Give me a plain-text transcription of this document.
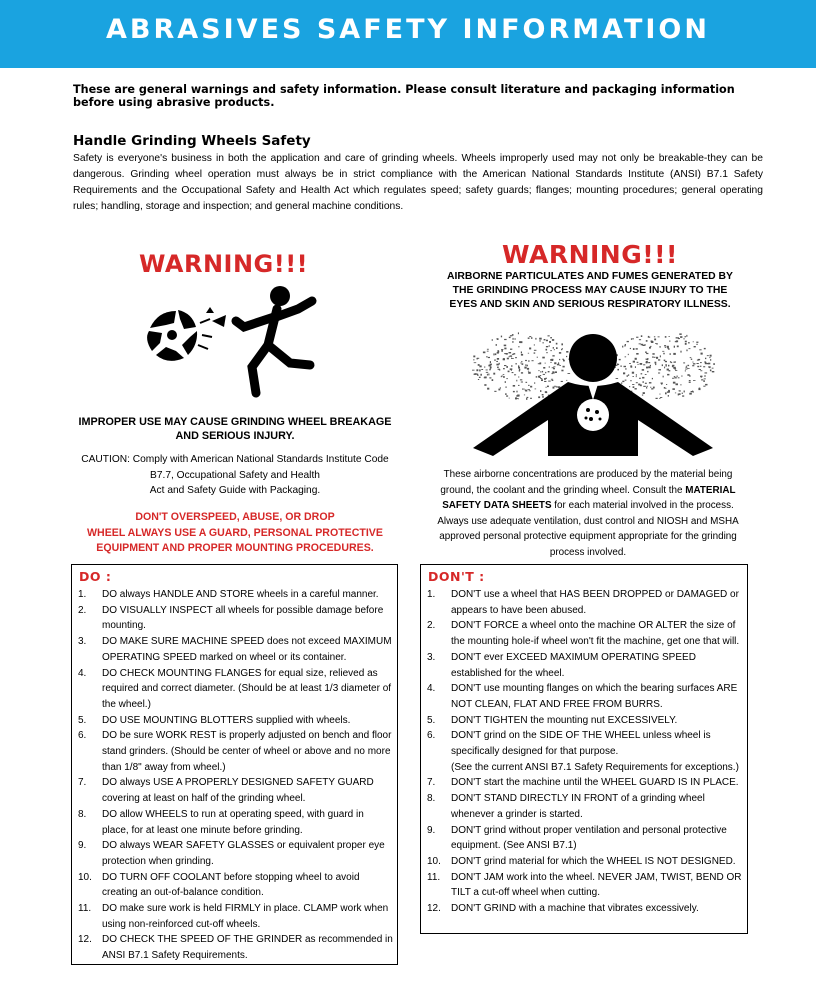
ABRASIVES SAFETY INFORMATION
These are general warnings and safety information. Please consult literature and packaging information before using abrasive products.
Handle Grinding Wheels Safety
Safety is everyone's business in both the application and care of grinding wheels. Wheels improperly used may not only be breakable-they can be dangerous. Grinding wheel operation must always be in strict compliance with the American National Standards Institute (ANSI) B7.1 Safety Requirements and the Occupational Safety and Health Act which regulates speed; safety guards; flanges; mounting procedures; general operating rules; handling, storage and inspection; and general machine conditions.
WARNING!!!	WARNING!!!
AIRBORNE PARTICULATES AND FUMES GENERATED BY THE GRINDING PROCESS MAY CAUSE INJURY TO THE EYES AND SKIN AND SERIOUS RESPIRATORY ILLNESS.
IMPROPER USE MAY CAUSE GRINDING WHEEL BREAKAGE AND SERIOUS INJURY.
CAUTION: Comply with American National Standards Institute Code
B7.7, Occupational Safety and Health
Act and Safety Guide with Packaging.
DON'T OVERSPEED, ABUSE, OR DROP
WHEEL ALWAYS USE A GUARD, PERSONAL PROTECTIVE
EQUIPMENT AND PROPER MOUNTING PROCEDURES.
These airborne concentrations are produced by the material being ground, the coolant and the grinding wheel. Consult the MATERIAL SAFETY DATA SHEETS for each material involved in the process. Always use adequate ventilation, dust control and NIOSH and MSHA approved personal protective equipment appropriate for the grinding process involved.
DO :
1. DO always HANDLE AND STORE wheels in a careful manner.
2. DO VISUALLY INSPECT all wheels for possible damage before mounting.
3. DO MAKE SURE MACHINE SPEED does not exceed MAXIMUM OPERATING SPEED marked on wheel or its container.
4. DO CHECK MOUNTING FLANGES for equal size, relieved as required and correct diameter. (Should be at least 1/3 diameter of the wheel.)
5. DO USE MOUNTING BLOTTERS supplied with wheels.
6. DO be sure WORK REST is properly adjusted on bench and floor stand grinders. (Should be center of wheel or above and no more than 1/8" away from wheel.)
7. DO always USE A PROPERLY DESIGNED SAFETY GUARD covering at least on half of the grinding wheel.
8. DO allow WHEELS to run at operating speed, with guard in place, for at least one minute before grinding.
9. DO always WEAR SAFETY GLASSES or equivalent proper eye protection when grinding.
10. DO TURN OFF COOLANT before stopping wheel to avoid creating an out-of-balance condition.
11. DO make sure work is held FIRMLY in place. CLAMP work when using non-reinforced cut-off wheels.
12. DO CHECK THE SPEED OF THE GRINDER as recommended in ANSI B7.1 Safety Requirements.
DON'T :
1. DON'T use a wheel that HAS BEEN DROPPED or DAMAGED or appears to have been abused.
2. DON'T FORCE a wheel onto the machine OR ALTER the size of the mounting hole-if wheel won't fit the machine, get one that will.
3. DON'T ever EXCEED MAXIMUM OPERATING SPEED established for the wheel.
4. DON'T use mounting flanges on which the bearing surfaces ARE NOT CLEAN, FLAT AND FREE FROM BURRS.
5. DON'T TIGHTEN the mounting nut EXCESSIVELY.
6. DON'T grind on the SIDE OF THE WHEEL unless wheel is specifically designed for that purpose.
(See the current ANSI B7.1 Safety Requirements for exceptions.)
7. DON'T start the machine until the WHEEL GUARD IS IN PLACE.
8. DON'T STAND DIRECTLY IN FRONT of a grinding wheel whenever a grinder is started.
9. DON'T grind without proper ventilation and personal protective equipment. (See ANSI B7.1)
10. DON'T grind material for which the WHEEL IS NOT DESIGNED.
11. DON'T JAM work into the wheel. NEVER JAM, TWIST, BEND OR TILT a cut-off wheel when cutting.
12. DON'T GRIND with a machine that vibrates excessively.
